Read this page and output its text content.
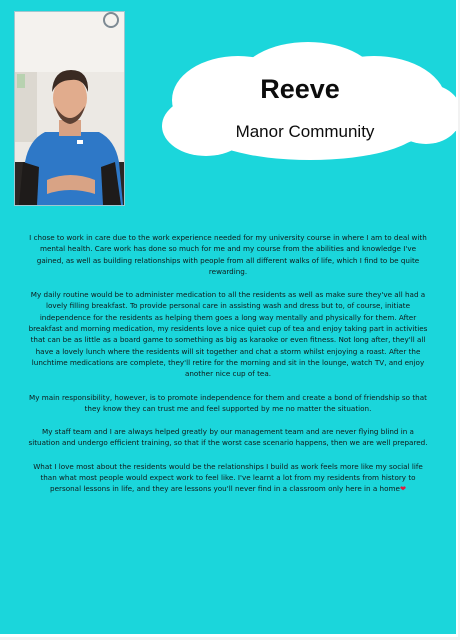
Reeve
Manor Community

I chose to work in care due to the work experience needed for my university course in where I am to deal with mental health. Care work has done so much for me and my course from the abilities and knowledge I've gained, as well as building relationships with people from all different walks of life, which I find to be quite rewarding.

My daily routine would be to administer medication to all the residents as well as make sure they've all had a lovely filling breakfast. To provide personal care in assisting wash and dress but to, of course, initiate independence for the residents as helping them goes a long way mentally and physically for them. After breakfast and morning medication, my residents love a nice quiet cup of tea and enjoy taking part in activities that can be as little as a board game to something as big as karaoke or even fitness. Not long after, they'll all have a lovely lunch where the residents will sit together and chat a storm whilst enjoying a roast. After the lunchtime medications are complete, they'll retire for the morning and sit in the lounge, watch TV, and enjoy another nice cup of tea.

My main responsibility, however, is to promote independence for them and create a bond of friendship so that they know they can trust me and feel supported by me no matter the situation.

My staff team and I are always helped greatly by our management team and are never flying blind in a situation and undergo efficient training, so that if the worst case scenario happens, then we are well prepared.

What I love most about the residents would be the relationships I build as work feels more like my social life than what most people would expect work to feel like. I've learnt a lot from my residents from history to personal lessons in life, and they are lessons you'll never find in a classroom only here in a home❤
